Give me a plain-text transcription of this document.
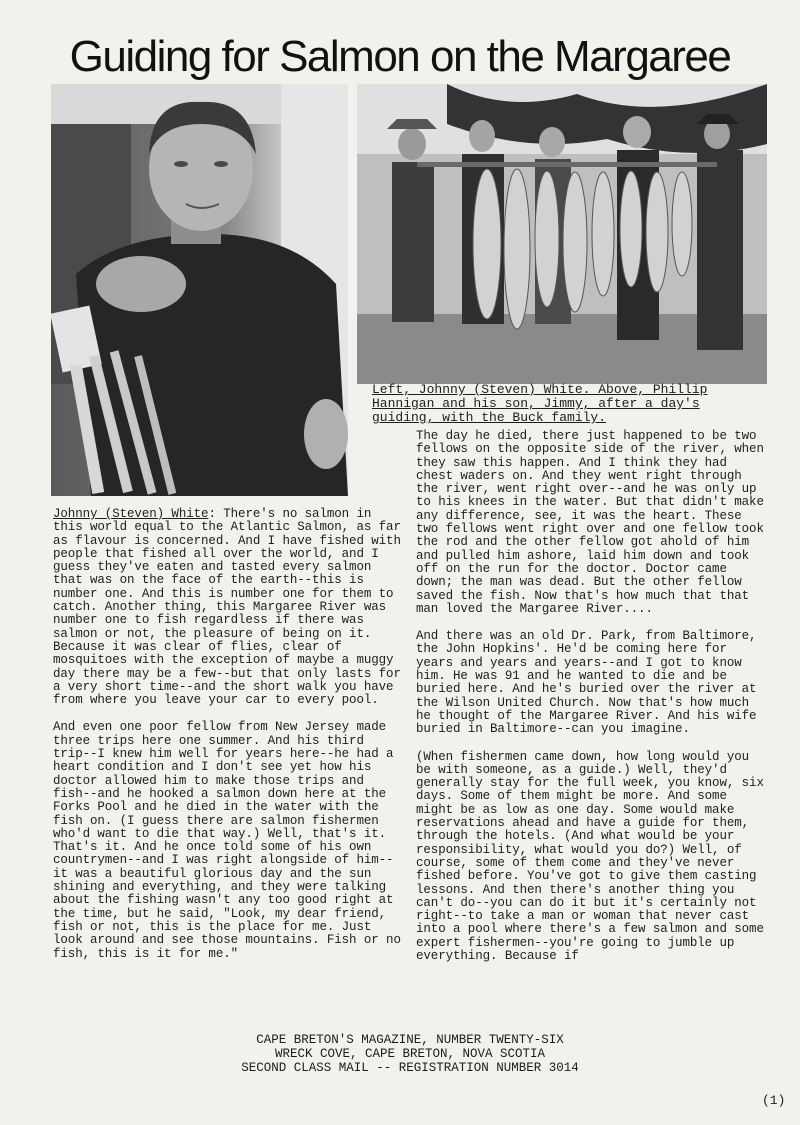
Guiding for Salmon on the Margaree
Left, Johnny (Steven) White. Above, Phillip Hannigan and his son, Jimmy, after a day's guiding, with the Buck family.

Johnny (Steven) White: There's no salmon in this world equal to the Atlantic Salmon, as far as flavour is concerned. And I have fished with people that fished all over the world, and I guess they've eaten and tasted every salmon that was on the face of the earth--this is number one. And this is number one for them to catch. Another thing, this Margaree River was number one to fish regardless if there was salmon or not, the pleasure of being on it. Because it was clear of flies, clear of mosquitoes with the exception of maybe a muggy day there may be a few--but that only lasts for a very short time--and the short walk you have from where you leave your car to every pool.

And even one poor fellow from New Jersey made three trips here one summer. And his third trip--I knew him well for years here--he had a heart condition and I don't see yet how his doctor allowed him to make those trips and fish--and he hooked a salmon down here at the Forks Pool and he died in the water with the fish on. (I guess there are salmon fishermen who'd want to die that way.) Well, that's it. That's it. And he once told some of his own countrymen--and I was right alongside of him--it was a beautiful glorious day and the sun shining and everything, and they were talking about the fishing wasn't any too good right at the time, but he said, "Look, my dear friend, fish or not, this is the place for me. Just look around and see those mountains. Fish or no fish, this is it for me."

The day he died, there just happened to be two fellows on the opposite side of the river, when they saw this happen. And I think they had chest waders on. And they went right through the river, went right over--and he was only up to his knees in the water. But that didn't make any difference, see, it was the heart. These two fellows went right over and one fellow took the rod and the other fellow got ahold of him and pulled him ashore, laid him down and took off on the run for the doctor. Doctor came down; the man was dead. But the other fellow saved the fish. Now that's how much that that man loved the Margaree River....

And there was an old Dr. Park, from Baltimore, the John Hopkins'. He'd be coming here for years and years and years--and I got to know him. He was 91 and he wanted to die and be buried here. And he's buried over the river at the Wilson United Church. Now that's how much he thought of the Margaree River. And his wife buried in Baltimore--can you imagine.

(When fishermen came down, how long would you be with someone, as a guide.) Well, they'd generally stay for the full week, you know, six days. Some of them might be more. And some might be as low as one day. Some would make reservations ahead and have a guide for them, through the hotels. (And what would be your responsibility, what would you do?) Well, of course, some of them come and they've never fished before. You've got to give them casting lessons. And then there's another thing you can't do--you can do it but it's certainly not right--to take a man or woman that never cast into a pool where there's a few salmon and some expert fishermen--you're going to jumble up everything. Because if

CAPE BRETON'S MAGAZINE, NUMBER TWENTY-SIX
WRECK COVE, CAPE BRETON, NOVA SCOTIA
SECOND CLASS MAIL -- REGISTRATION NUMBER 3014
(1)
